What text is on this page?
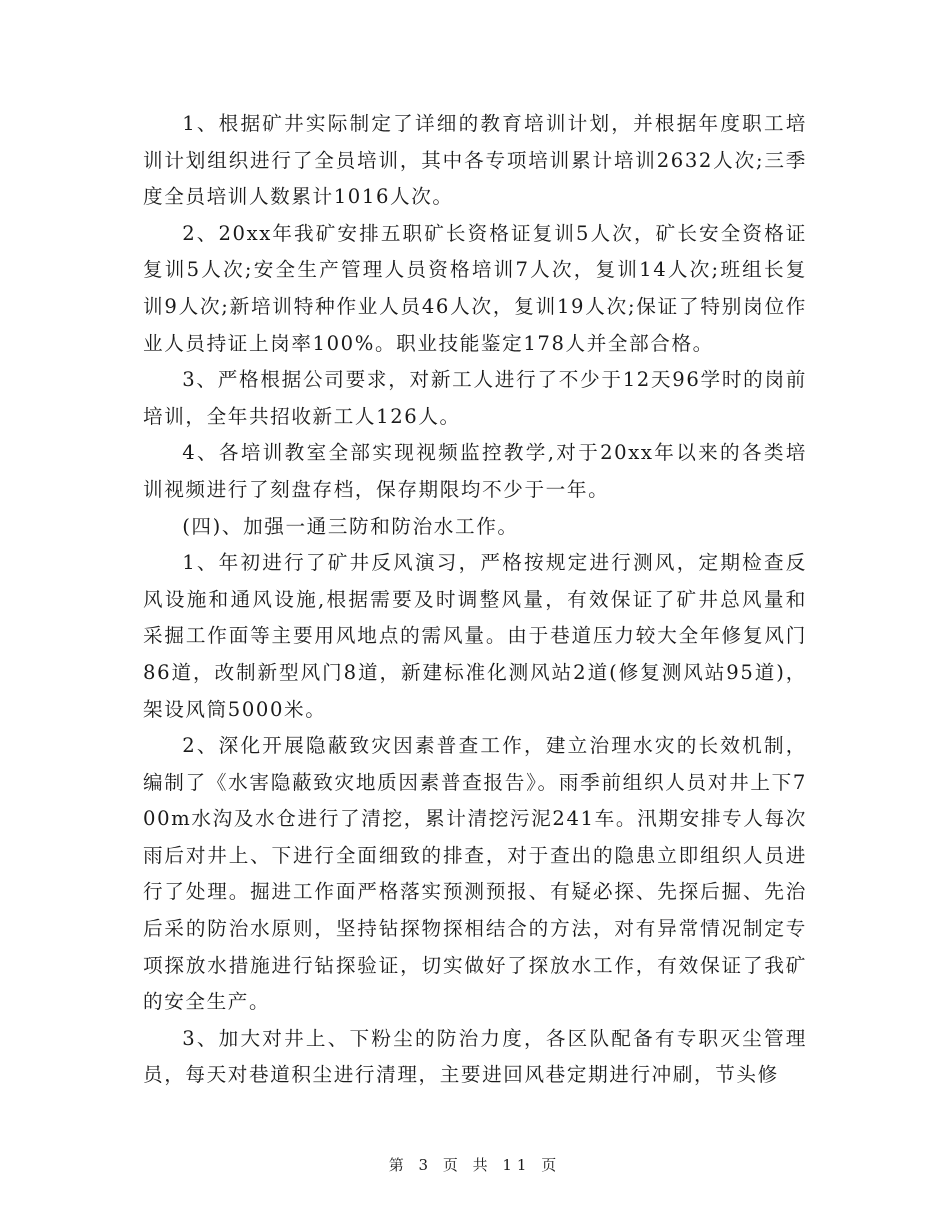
1、根据矿井实际制定了详细的教育培训计划，并根据年度职工培训计划组织进行了全员培训，其中各专项培训累计培训2632人次;三季度全员培训人数累计1016人次。

2、20xx年我矿安排五职矿长资格证复训5人次，矿长安全资格证复训5人次;安全生产管理人员资格培训7人次，复训14人次;班组长复训9人次;新培训特种作业人员46人次，复训19人次;保证了特别岗位作业人员持证上岗率100%。职业技能鉴定178人并全部合格。

3、严格根据公司要求，对新工人进行了不少于12天96学时的岗前培训，全年共招收新工人126人。

4、各培训教室全部实现视频监控教学,对于20xx年以来的各类培训视频进行了刻盘存档，保存期限均不少于一年。

(四)、加强一通三防和防治水工作。

1、年初进行了矿井反风演习，严格按规定进行测风，定期检查反风设施和通风设施,根据需要及时调整风量，有效保证了矿井总风量和采掘工作面等主要用风地点的需风量。由于巷道压力较大全年修复风门86道，改制新型风门8道，新建标准化测风站2道(修复测风站95道)，架设风筒5000米。

2、深化开展隐蔽致灾因素普查工作，建立治理水灾的长效机制，编制了《水害隐蔽致灾地质因素普查报告》。雨季前组织人员对井上下700m水沟及水仓进行了清挖，累计清挖污泥241车。汛期安排专人每次雨后对井上、下进行全面细致的排查，对于查出的隐患立即组织人员进行了处理。掘进工作面严格落实预测预报、有疑必探、先探后掘、先治后采的防治水原则，坚持钻探物探相结合的方法，对有异常情况制定专项探放水措施进行钻探验证，切实做好了探放水工作，有效保证了我矿的安全生产。

3、加大对井上、下粉尘的防治力度，各区队配备有专职灭尘管理员，每天对巷道积尘进行清理，主要进回风巷定期进行冲刷，节头修

第 3 页 共 11 页
